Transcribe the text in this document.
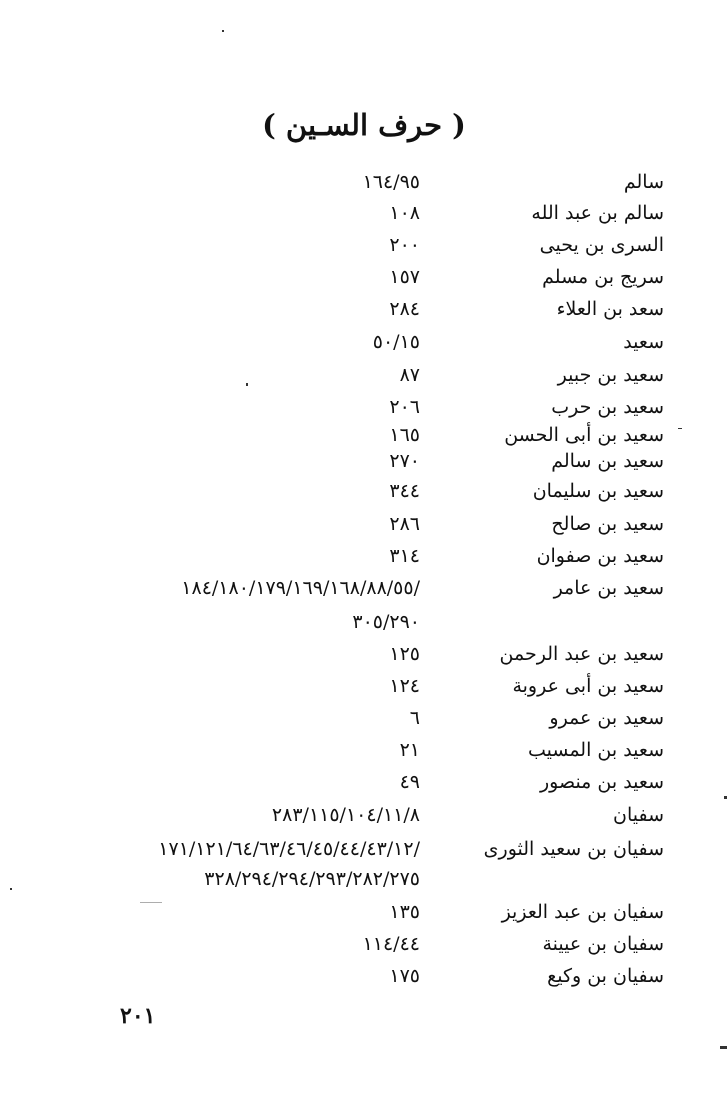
( حرف السـين )
سالم
١٦٤/٩٥
سالم بن عبد الله
١٠٨
السرى بن يحيى
٢٠٠
سريج بن مسلم
١٥٧
سعد بن العلاء
٢٨٤
سعيد
٥٠/١٥
سعيد بن جبير
٨٧
سعيد بن حرب
٢٠٦
سعيد بن أبى الحسن
١٦٥
سعيد بن سالم
٢٧٠
سعيد بن سليمان
٣٤٤
سعيد بن صالح
٢٨٦
سعيد بن صفوان
٣١٤
سعيد بن عامر
/١٨٤/١٨٠/١٧٩/١٦٩/١٦٨/٨٨/٥٥
٣٠٥/٢٩٠
سعيد بن عبد الرحمن
١٢٥
سعيد بن أبى عروبة
١٢٤
سعيد بن عمرو
٦
سعيد بن المسيب
٢١
سعيد بن منصور
٤٩
سفيان
٢٨٣/١١٥/١٠٤/١١/٨
سفيان بن سعيد الثورى
/١٧١/١٢١/٦٤/٦٣/٤٦/٤٥/٤٤/٤٣/١٢
٣٢٨/٢٩٤/٢٩٤/٢٩٣/٢٨٢/٢٧٥
سفيان بن عبد العزيز
١٣٥
سفيان بن عيينة
١١٤/٤٤
سفيان بن وكيع
١٧٥
٢٠١
